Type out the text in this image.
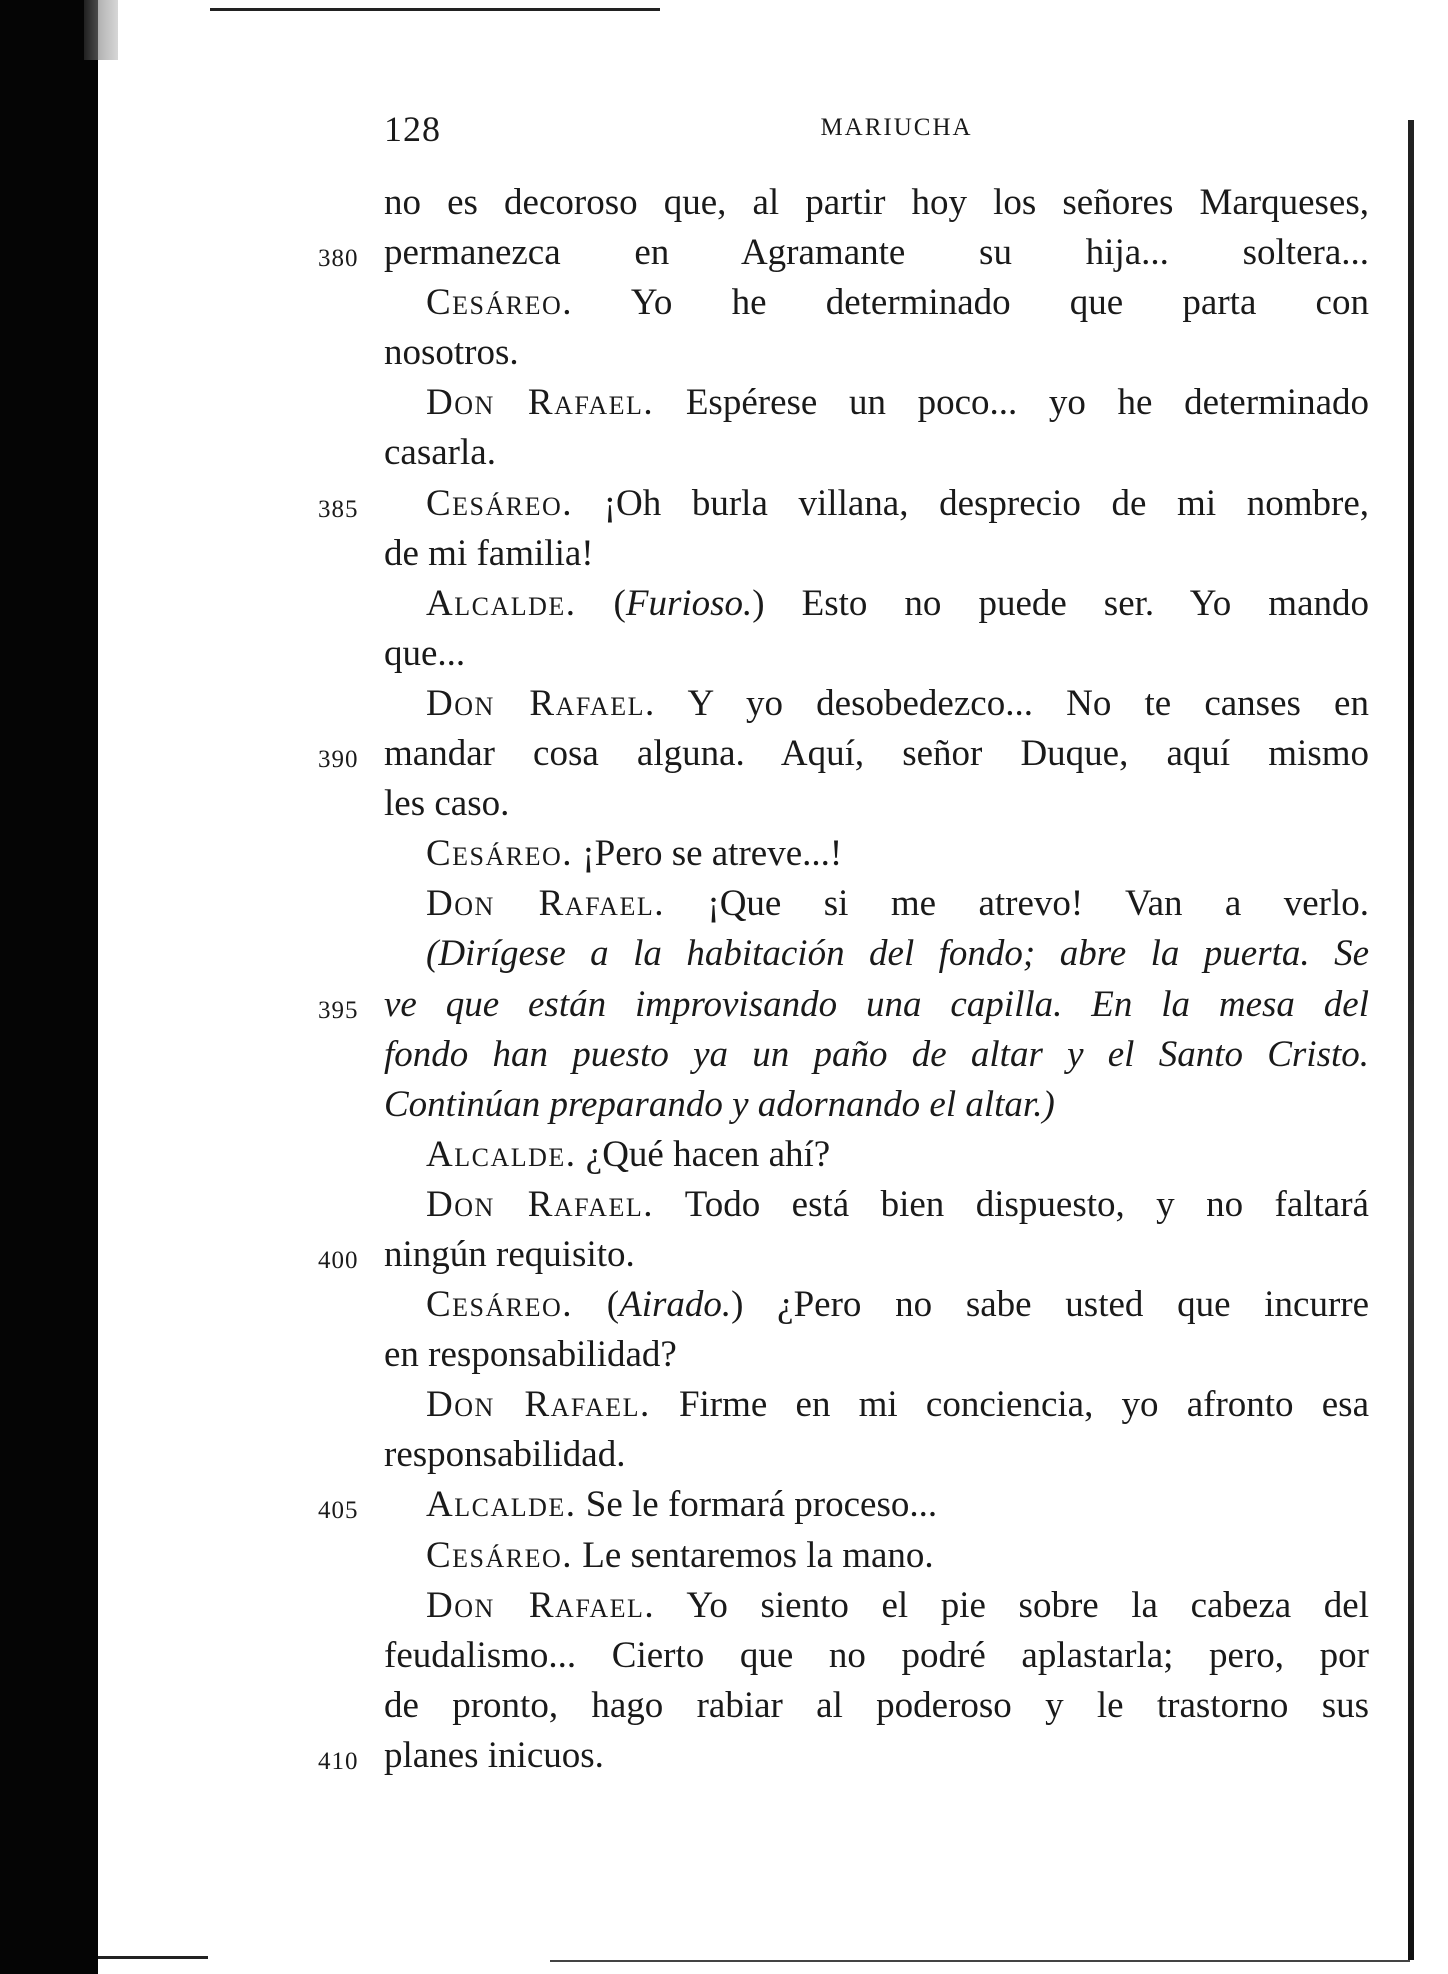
128	MARIUCHA
no es decoroso que, al partir hoy los señores Marqueses,
380 permanezca en Agramante su hija... soltera...
Cesáreo. Yo he determinado que parta con
nosotros.
Don Rafael. Espérese un poco... yo he determinado
casarla.
385 Cesáreo. ¡Oh burla villana, desprecio de mi nombre,
de mi familia!
Alcalde. (Furioso.) Esto no puede ser. Yo mando
que...
Don Rafael. Y yo desobedezco... No te canses en
390 mandar cosa alguna. Aquí, señor Duque, aquí mismo
les caso.
Cesáreo. ¡Pero se atreve...!
Don Rafael. ¡Que si me atrevo! Van a verlo.
(Dirígese a la habitación del fondo; abre la puerta. Se
395 ve que están improvisando una capilla. En la mesa del
fondo han puesto ya un paño de altar y el Santo Cristo.
Continúan preparando y adornando el altar.)
Alcalde. ¿Qué hacen ahí?
Don Rafael. Todo está bien dispuesto, y no faltará
400 ningún requisito.
Cesáreo. (Airado.) ¿Pero no sabe usted que incurre
en responsabilidad?
Don Rafael. Firme en mi conciencia, yo afronto esa
responsabilidad.
405 Alcalde. Se le formará proceso...
Cesáreo. Le sentaremos la mano.
Don Rafael. Yo siento el pie sobre la cabeza del
feudalismo... Cierto que no podré aplastarla; pero, por
de pronto, hago rabiar al poderoso y le trastorno sus
410 planes inicuos.
